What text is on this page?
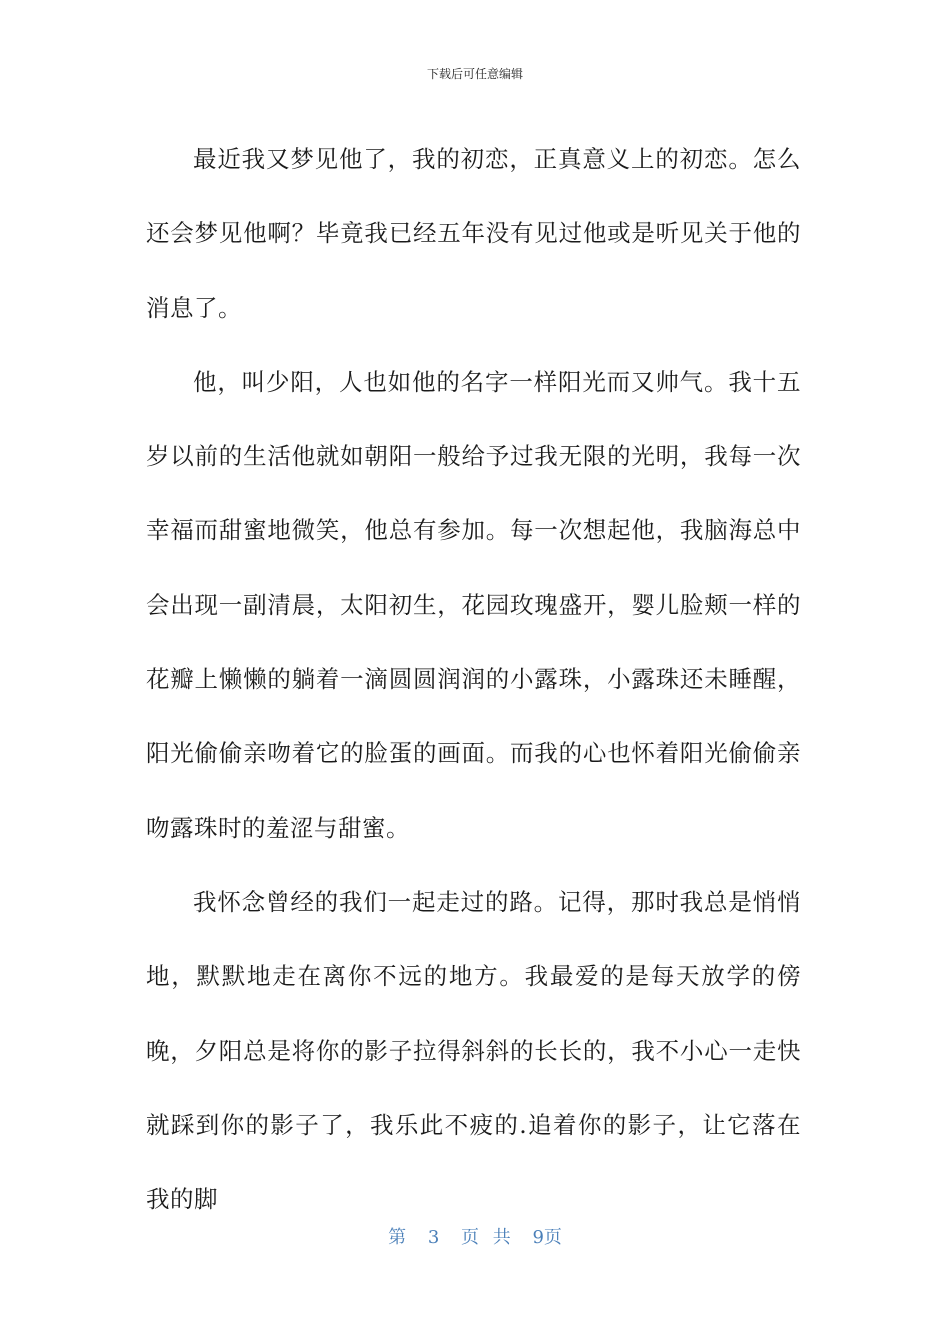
下载后可任意编辑

最近我又梦见他了，我的初恋，正真意义上的初恋。怎么还会梦见他啊？毕竟我已经五年没有见过他或是听见关于他的消息了。

他，叫少阳，人也如他的名字一样阳光而又帅气。我十五岁以前的生活他就如朝阳一般给予过我无限的光明，我每一次幸福而甜蜜地微笑，他总有参加。每一次想起他，我脑海总中会出现一副清晨，太阳初生，花园玫瑰盛开，婴儿脸颊一样的花瓣上懒懒的躺着一滴圆圆润润的小露珠，小露珠还未睡醒，阳光偷偷亲吻着它的脸蛋的画面。而我的心也怀着阳光偷偷亲吻露珠时的羞涩与甜蜜。

我怀念曾经的我们一起走过的路。记得，那时我总是悄悄地，默默地走在离你不远的地方。我最爱的是每天放学的傍晚，夕阳总是将你的影子拉得斜斜的长长的，我不小心一走快就踩到你的影子了，我乐此不疲的.追着你的影子，让它落在我的脚

第 3 页 共 9页
